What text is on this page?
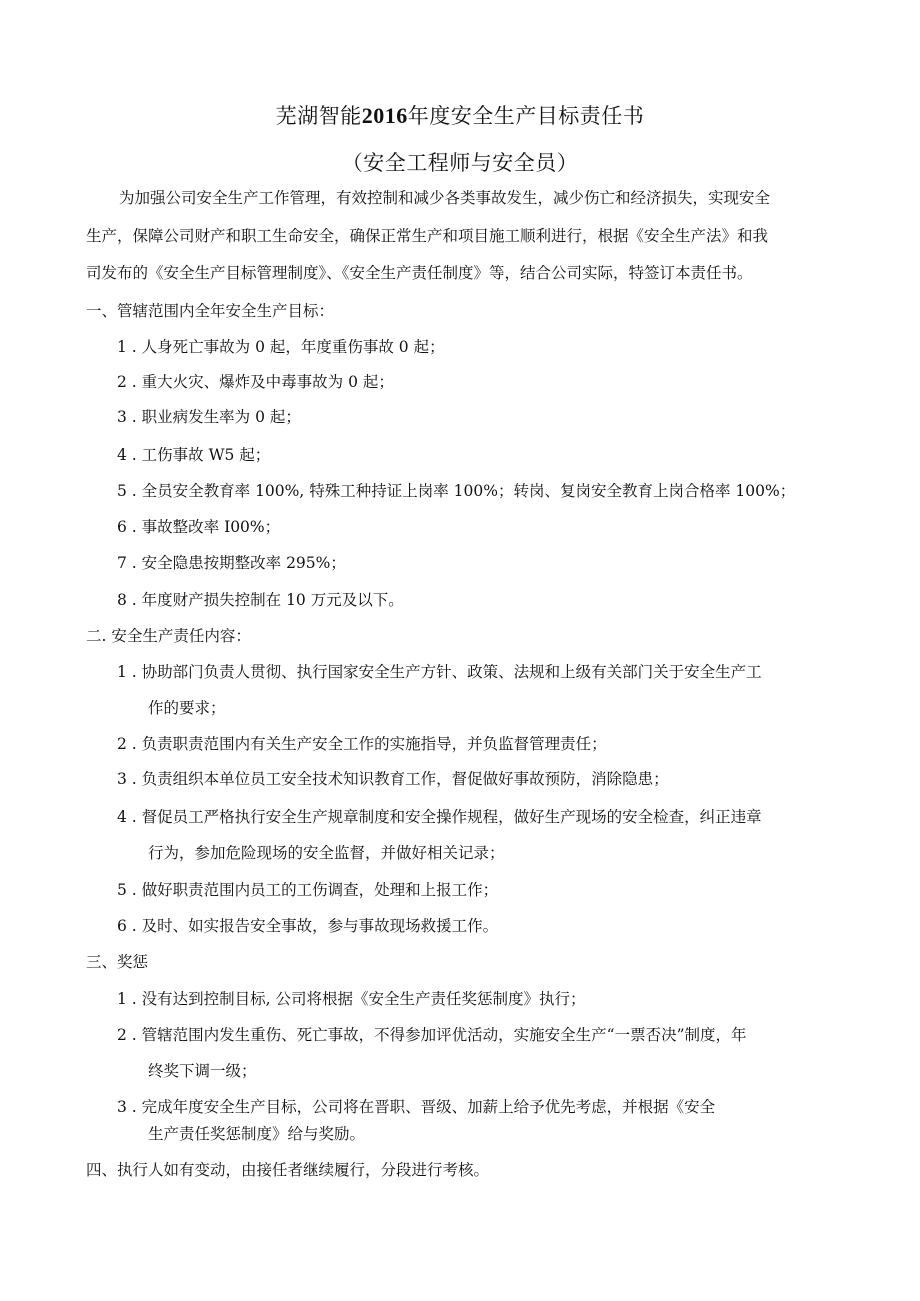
芜湖智能2016年度安全生产目标责任书
（安全工程师与安全员）
为加强公司安全生产工作管理，有效控制和减少各类事故发生，减少伤亡和经济损失，实现安全
生产，保障公司财产和职工生命安全，确保正常生产和项目施工顺利进行，根据《安全生产法》和我
司发布的《安全生产目标管理制度》、《安全生产责任制度》等，结合公司实际，特签订本责任书。
一、管辖范围内全年安全生产目标：
1 . 人身死亡事故为 0 起，年度重伤事故 0 起；
2 . 重大火灾、爆炸及中毒事故为 0 起；
3 . 职业病发生率为 0 起；
4 . 工伤事故 W5 起；
5 . 全员安全教育率 100%, 特殊工种持证上岗率 100%；转岗、复岗安全教育上岗合格率 100%；
6 . 事故整改率 I00%；
7 . 安全隐患按期整改率 295%；
8 . 年度财产损失控制在 10 万元及以下。
二. 安全生产责任内容：
1 . 协助部门负责人贯彻、执行国家安全生产方针、政策、法规和上级有关部门关于安全生产工
作的要求；
2 . 负责职责范围内有关生产安全工作的实施指导，并负监督管理责任；
3 . 负责组织本单位员工安全技术知识教育工作，督促做好事故预防，消除隐患；
4 . 督促员工严格执行安全生产规章制度和安全操作规程，做好生产现场的安全检查，纠正违章
行为，参加危险现场的安全监督，并做好相关记录；
5 . 做好职责范围内员工的工伤调查，处理和上报工作；
6 . 及时、如实报告安全事故，参与事故现场救援工作。
三、奖惩
1 . 没有达到控制目标, 公司将根据《安全生产责任奖惩制度》执行；
2 . 管辖范围内发生重伤、死亡事故，不得参加评优活动，实施安全生产“一票否决”制度，年
终奖下调一级；
3 . 完成年度安全生产目标，公司将在晋职、晋级、加薪上给予优先考虑，并根据《安全
生产责任奖惩制度》给与奖励。
四、执行人如有变动，由接任者继续履行，分段进行考核。
